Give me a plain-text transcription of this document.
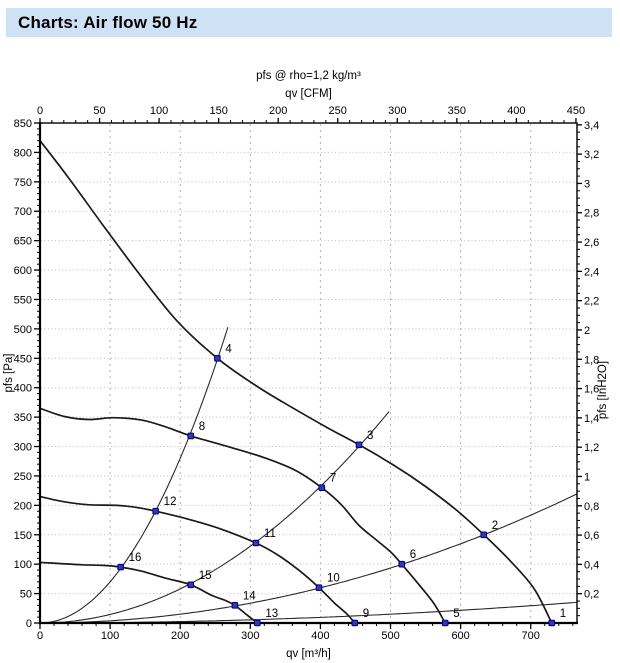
0	100	200	300	400	500	600	700
0	50	100	150	200	250	300	350	400	450
0
50
100
150
200
250
300
350
400
450
500
550
600
650
700
750
800
850
0,2
0,4
0,6
0,8
1
1,2
1,4
1,6
1,8
2
2,2
2,4
2,6
2,8
3
3,2
3,4
1
2
3
4
5
6
7
8
9
10
11
12
13
14
15
16
pfs @ rho=1,2 kg/m³
qv [CFM]
qv [m³/h]
pfs [Pa]	pfs [InH2O]
Charts: Air flow 50 Hz
